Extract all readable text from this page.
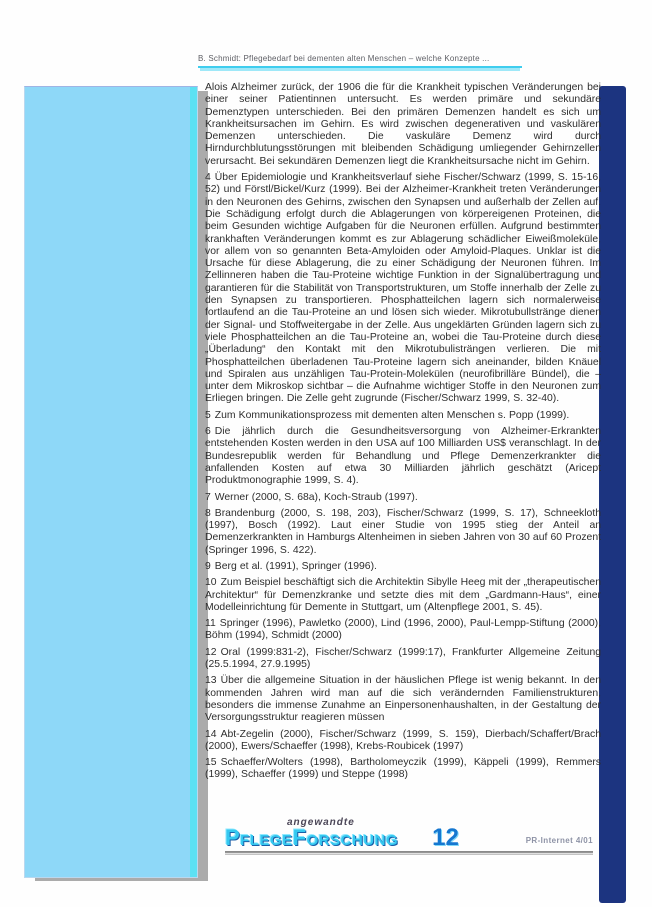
B. Schmidt: Pflegebedarf bei dementen alten Menschen – welche Konzepte ...

Alois Alzheimer zurück, der 1906 die für die Krankheit typischen Veränderungen bei einer seiner Patientinnen untersucht. Es werden primäre und sekundäre Demenztypen unterschieden. Bei den primären Demenzen handelt es sich um Krankheitsursachen im Gehirn. Es wird zwischen degenerativen und vaskulären Demenzen unterschieden. Die vaskuläre Demenz wird durch Hirndurchblutungsstörungen mit bleibenden Schädigung umliegender Gehirnzellen verursacht. Bei sekundären Demenzen liegt die Krankheitsursache nicht im Gehirn.

4 Über Epidemiologie und Krankheitsverlauf siehe Fischer/Schwarz (1999, S. 15-16, 52) und Förstl/Bickel/Kurz (1999). Bei der Alzheimer-Krankheit treten Veränderungen in den Neuronen des Gehirns, zwischen den Synapsen und außerhalb der Zellen auf. Die Schädigung erfolgt durch die Ablagerungen von körpereigenen Proteinen, die beim Gesunden wichtige Aufgaben für die Neuronen erfüllen. Aufgrund bestimmten krankhaften Veränderungen kommt es zur Ablagerung schädlicher Eiweißmoleküle, vor allem von so genannten Beta-Amyloiden oder Amyloid-Plaques. Unklar ist die Ursache für diese Ablagerung, die zu einer Schädigung der Neuronen führen. Im Zellinneren haben die Tau-Proteine wichtige Funktion in der Signalübertragung und garantieren für die Stabilität von Transportstrukturen, um Stoffe innerhalb der Zelle zu den Synapsen zu transportieren. Phosphatteilchen lagern sich normalerweise fortlaufend an die Tau-Proteine an und lösen sich wieder. Mikrotubullstränge dienen der Signal- und Stoffweitergabe in der Zelle. Aus ungeklärten Gründen lagern sich zu viele Phosphatteilchen an die Tau-Proteine an, wobei die Tau-Proteine durch diese „Überladung“ den Kontakt mit den Mikrotubulisträngen verlieren. Die mit Phosphatteilchen überladenen Tau-Proteine lagern sich aneinander, bilden Knäuel und Spiralen aus unzähligen Tau-Protein-Molekülen (neurofibrilläre Bündel), die – unter dem Mikroskop sichtbar – die Aufnahme wichtiger Stoffe in den Neuronen zum Erliegen bringen. Die Zelle geht zugrunde (Fischer/Schwarz 1999, S. 32-40).

5 Zum Kommunikationsprozess mit dementen alten Menschen s. Popp (1999).

6 Die jährlich durch die Gesundheitsversorgung von Alzheimer-Erkrankten entstehenden Kosten werden in den USA auf 100 Milliarden US$ veranschlagt. In der Bundesrepublik werden für Behandlung und Pflege Demenzerkrankter die anfallenden Kosten auf etwa 30 Milliarden jährlich geschätzt (Aricept Produktmonographie 1999, S. 4).

7 Werner (2000, S. 68a), Koch-Straub (1997).

8 Brandenburg (2000, S. 198, 203), Fischer/Schwarz (1999, S. 17), Schneekloth (1997), Bosch (1992). Laut einer Studie von 1995 stieg der Anteil an Demenzerkrankten in Hamburgs Altenheimen in sieben Jahren von 30 auf 60 Prozent (Springer 1996, S. 422).

9 Berg et al. (1991), Springer (1996).

10 Zum Beispiel beschäftigt sich die Architektin Sibylle Heeg mit der „therapeutischen Architektur“ für Demenzkranke und setzte dies mit dem „Gardmann-Haus“, einer Modelleinrichtung für Demente in Stuttgart, um (Altenpflege 2001, S. 45).

11 Springer (1996), Pawletko (2000), Lind (1996, 2000), Paul-Lempp-Stiftung (2000), Böhm (1994), Schmidt (2000)

12 Oral (1999:831-2), Fischer/Schwarz (1999:17), Frankfurter Allgemeine Zeitung (25.5.1994, 27.9.1995)

13 Über die allgemeine Situation in der häuslichen Pflege ist wenig bekannt. In den kommenden Jahren wird man auf die sich verändernden Familienstrukturen, besonders die immense Zunahme an Einpersonenhaushalten, in der Gestaltung der Versorgungsstruktur reagieren müssen

14 Abt-Zegelin (2000), Fischer/Schwarz (1999, S. 159), Dierbach/Schaffert/Brach (2000), Ewers/Schaeffer (1998), Krebs-Roubicek (1997)

15 Schaeffer/Wolters (1998), Bartholomeyczik (1999), Käppeli (1999), Remmers (1999), Schaeffer (1999) und Steppe (1998)

angewandte
PflegeForschung 12	PR-Internet 4/01
